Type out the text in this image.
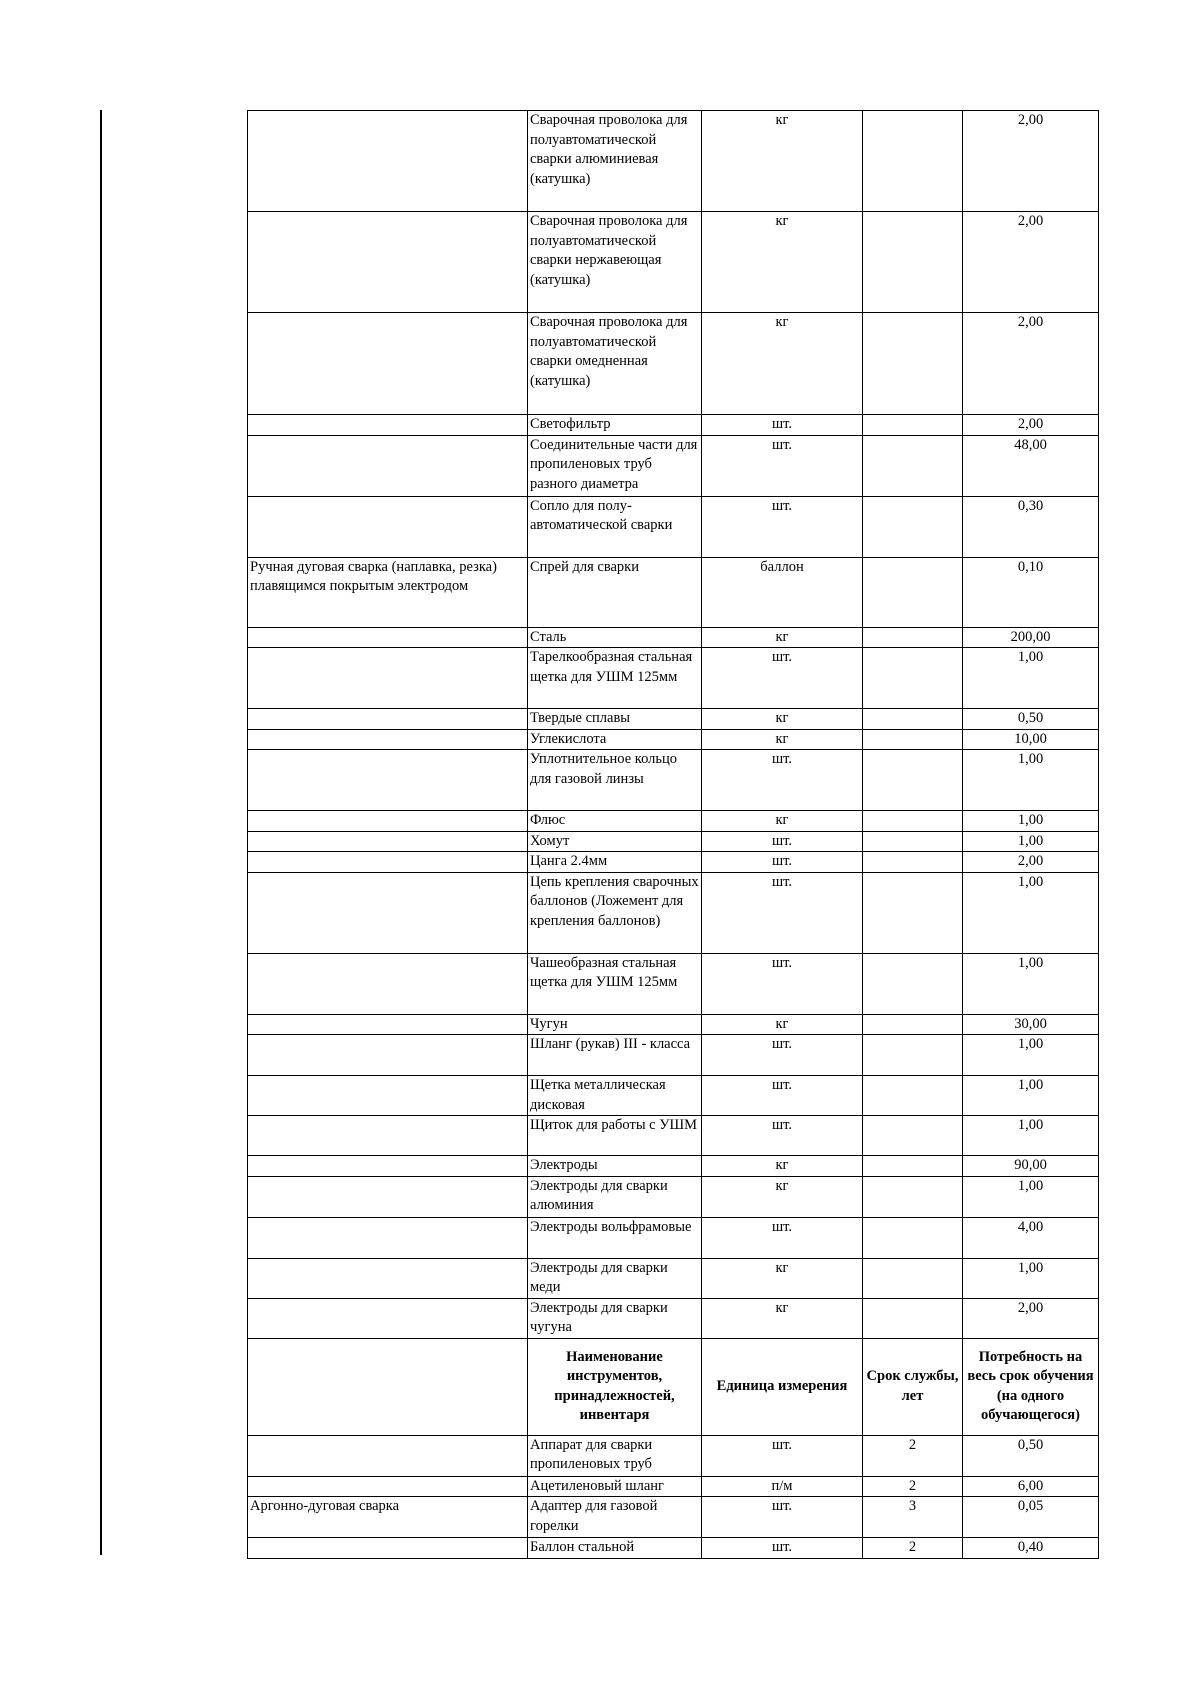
	Сварочная проволока для полуавтоматической сварки алюминиевая (катушка)	кг		2,00
	Сварочная проволока для полуавтоматической сварки нержавеющая (катушка)	кг		2,00
	Сварочная проволока для полуавтоматической сварки омедненная (катушка)	кг		2,00
	Светофильтр	шт.		2,00
	Соединительные части для пропиленовых труб разного диаметра	шт.		48,00
	Сопло для полу-автоматической сварки	шт.		0,30
Ручная дуговая сварка (наплавка, резка) плавящимся покрытым электродом	Спрей для сварки	баллон		0,10
	Сталь	кг		200,00
	Тарелкообразная стальная щетка для УШМ 125мм	шт.		1,00
	Твердые сплавы	кг		0,50
	Углекислота	кг		10,00
	Уплотнительное кольцо для газовой линзы	шт.		1,00
	Флюс	кг		1,00
	Хомут	шт.		1,00
	Цанга 2.4мм	шт.		2,00
	Цепь крепления сварочных баллонов (Ложемент для крепления баллонов)	шт.		1,00
	Чашеобразная стальная щетка для УШМ 125мм	шт.		1,00
	Чугун	кг		30,00
	Шланг (рукав) III - класса	шт.		1,00
	Щетка металлическая дисковая	шт.		1,00
	Щиток для работы с УШМ	шт.		1,00
	Электроды	кг		90,00
	Электроды для сварки алюминия	кг		1,00
	Электроды вольфрамовые	шт.		4,00
	Электроды для сварки меди	кг		1,00
	Электроды для сварки чугуна	кг		2,00
	Наименование инструментов, принадлежностей, инвентаря	Единица измерения	Срок службы, лет	Потребность на весь срок обучения (на одного обучающегося)
	Аппарат для сварки пропиленовых труб	шт.	2	0,50
	Ацетиленовый шланг	п/м	2	6,00
Аргонно-дуговая сварка	Адаптер для газовой горелки	шт.	3	0,05
	Баллон стальной	шт.	2	0,40
